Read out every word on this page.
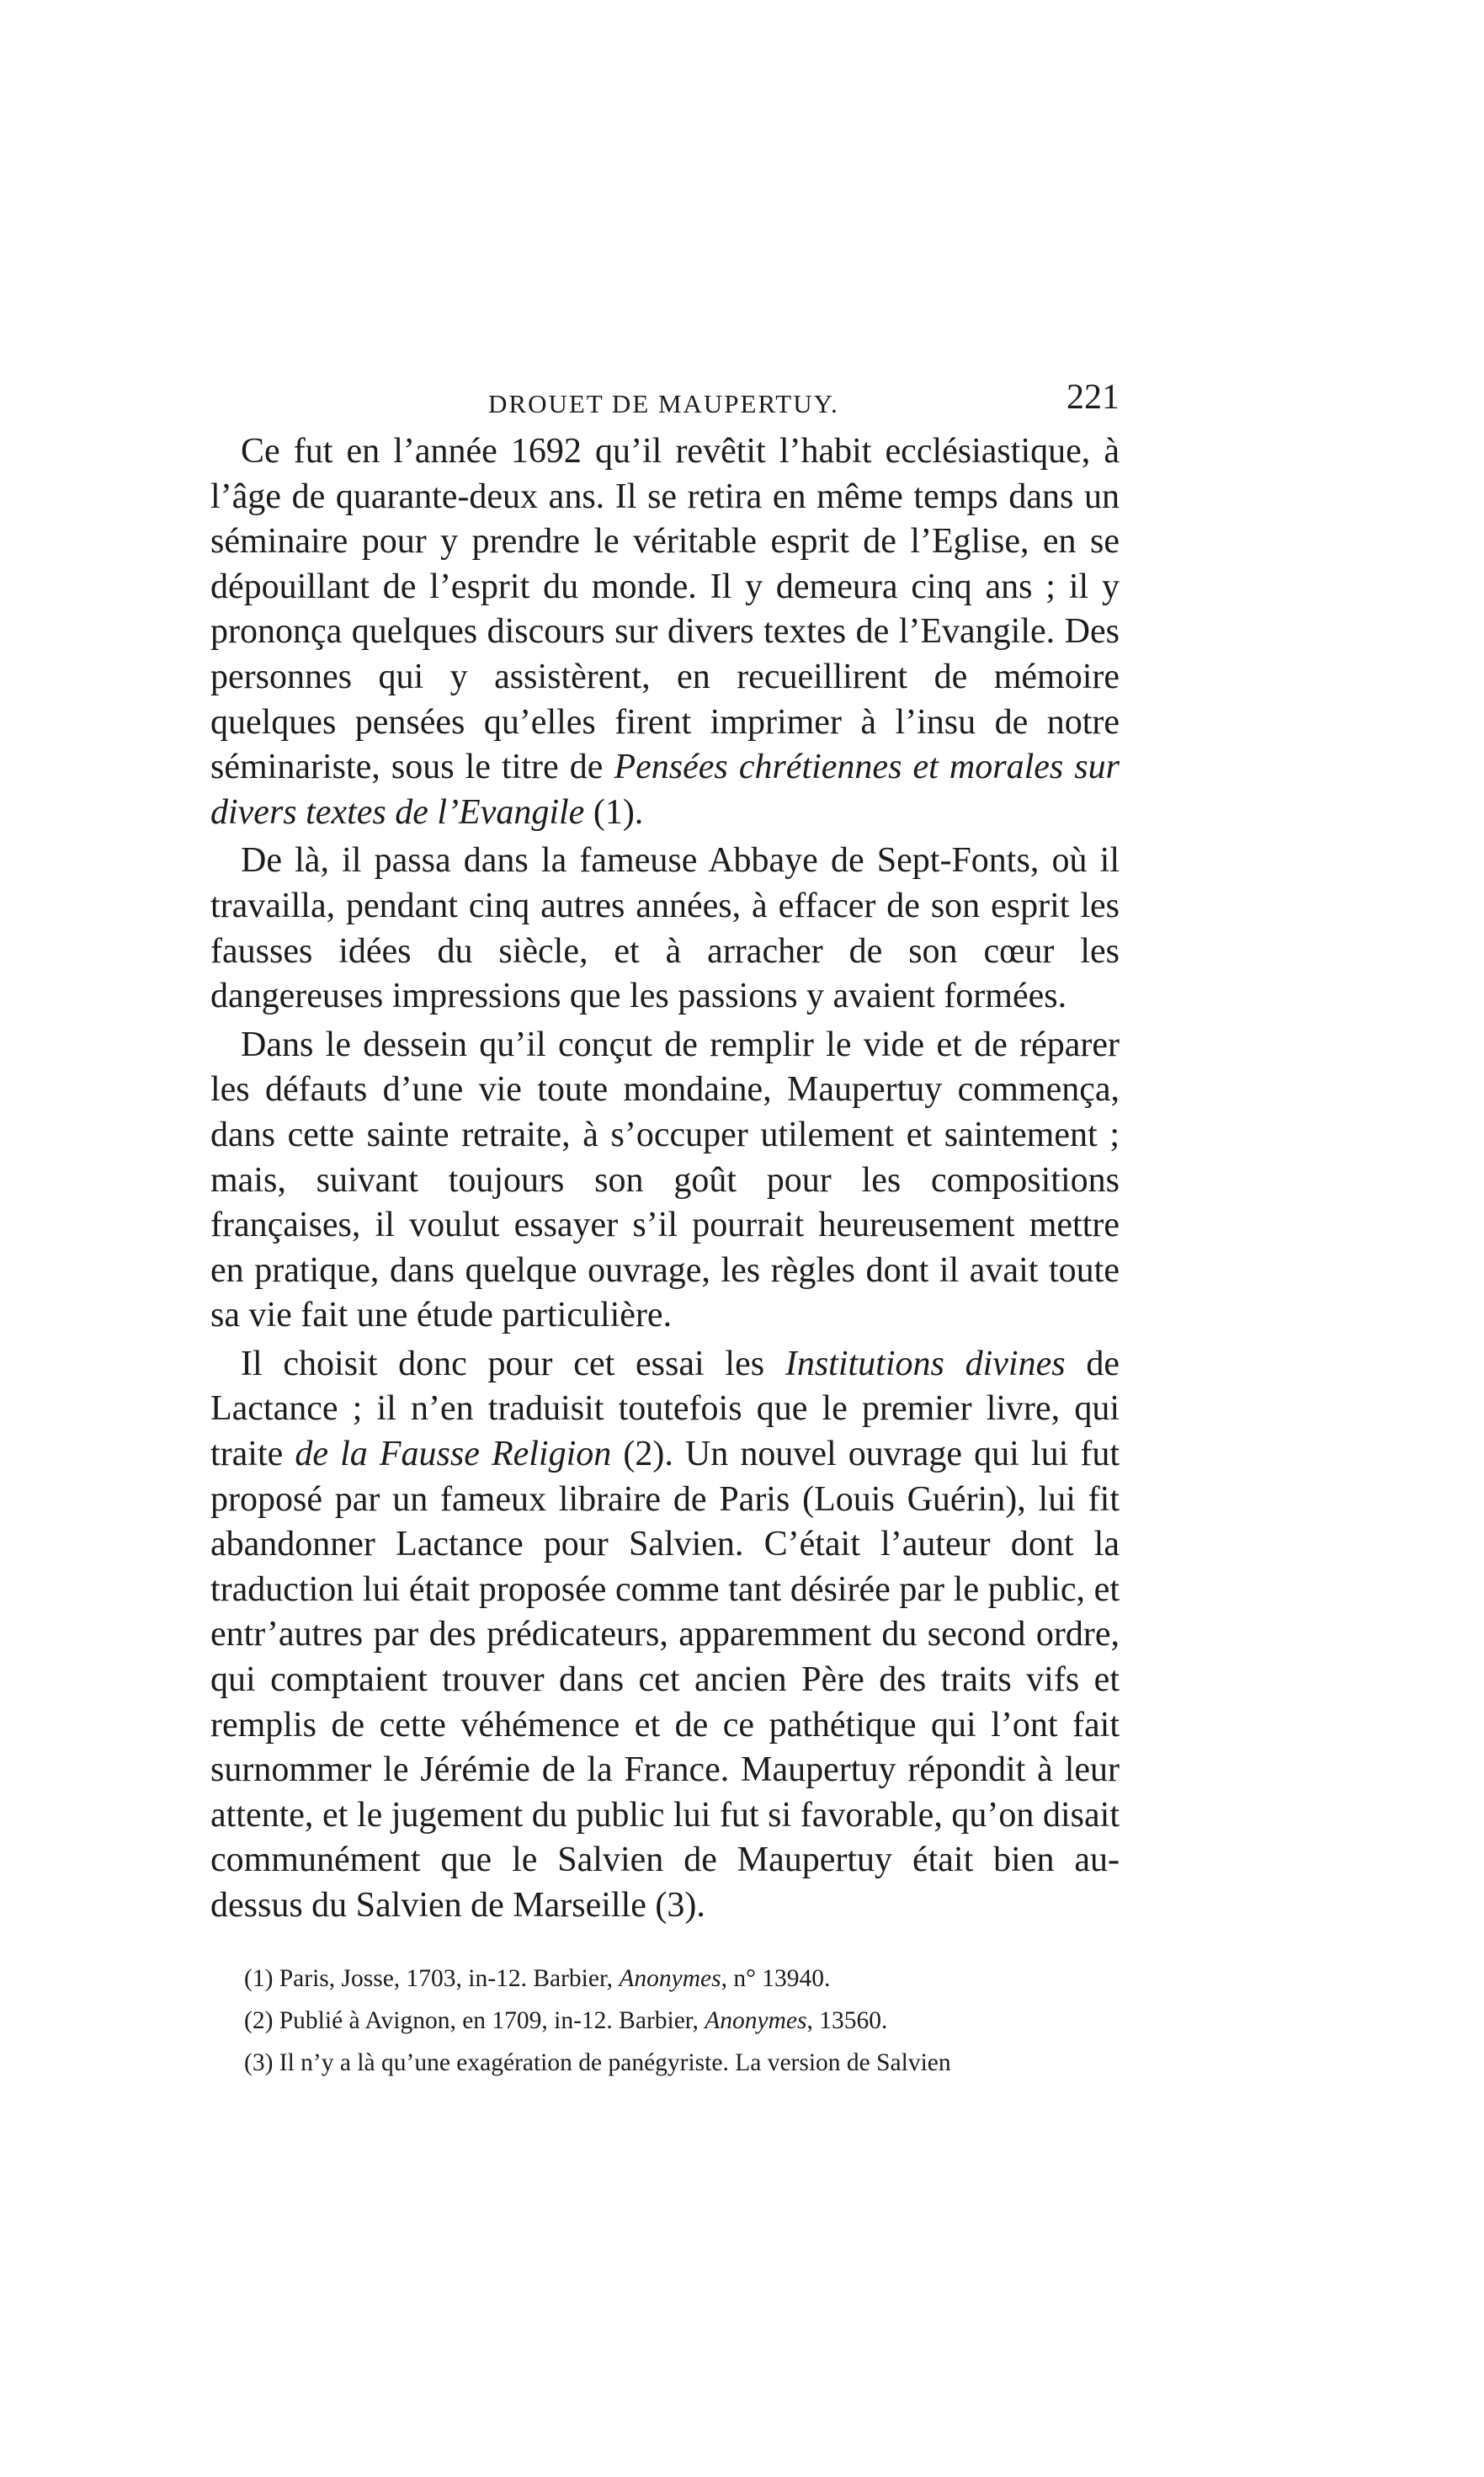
DROUET DE MAUPERTUY.	221

Ce fut en l’année 1692 qu’il revêtit l’habit ecclésiastique, à l’âge de quarante-deux ans. Il se retira en même temps dans un séminaire pour y prendre le véritable esprit de l’Eglise, en se dépouillant de l’esprit du monde. Il y demeura cinq ans ; il y prononça quelques discours sur divers textes de l’Evangile. Des personnes qui y assistèrent, en recueillirent de mémoire quelques pensées qu’elles firent imprimer à l’insu de notre séminariste, sous le titre de Pensées chrétiennes et morales sur divers textes de l’Evangile (1).

De là, il passa dans la fameuse Abbaye de Sept-Fonts, où il travailla, pendant cinq autres années, à effacer de son esprit les fausses idées du siècle, et à arracher de son cœur les dangereuses impressions que les passions y avaient formées.

Dans le dessein qu’il conçut de remplir le vide et de réparer les défauts d’une vie toute mondaine, Maupertuy commença, dans cette sainte retraite, à s’occuper utilement et saintement ; mais, suivant toujours son goût pour les compositions françaises, il voulut essayer s’il pourrait heureusement mettre en pratique, dans quelque ouvrage, les règles dont il avait toute sa vie fait une étude particulière.

Il choisit donc pour cet essai les Institutions divines de Lactance ; il n’en traduisit toutefois que le premier livre, qui traite de la Fausse Religion (2). Un nouvel ouvrage qui lui fut proposé par un fameux libraire de Paris (Louis Guérin), lui fit abandonner Lactance pour Salvien. C’était l’auteur dont la traduction lui était proposée comme tant désirée par le public, et entr’autres par des prédicateurs, apparemment du second ordre, qui comptaient trouver dans cet ancien Père des traits vifs et remplis de cette véhémence et de ce pathétique qui l’ont fait surnommer le Jérémie de la France. Maupertuy répondit à leur attente, et le jugement du public lui fut si favorable, qu’on disait communément que le Salvien de Maupertuy était bien au-dessus du Salvien de Marseille (3).

(1) Paris, Josse, 1703, in-12. Barbier, Anonymes, n° 13940.
(2) Publié à Avignon, en 1709, in-12. Barbier, Anonymes, 13560.
(3) Il n’y a là qu’une exagération de panégyriste. La version de Salvien
